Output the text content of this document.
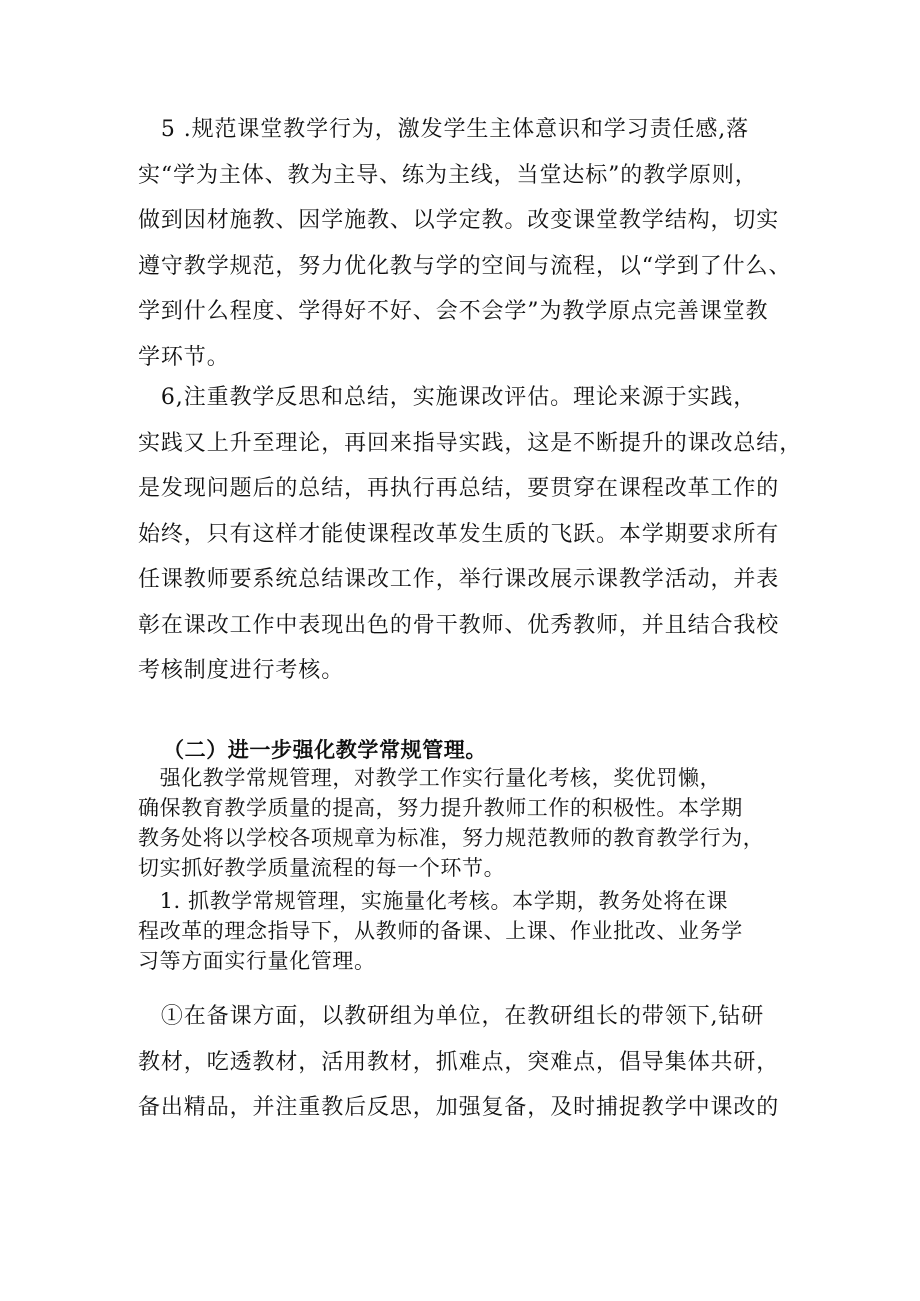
　5 .规范课堂教学行为，激发学生主体意识和学习责任感,落
实“学为主体、教为主导、练为主线，当堂达标”的教学原则，
做到因材施教、因学施教、以学定教。改变课堂教学结构，切实
遵守教学规范，努力优化教与学的空间与流程，以“学到了什么、
学到什么程度、学得好不好、会不会学”为教学原点完善课堂教
学环节。
　6,注重教学反思和总结，实施课改评估。理论来源于实践，
实践又上升至理论，再回来指导实践，这是不断提升的课改总结，
是发现问题后的总结，再执行再总结，要贯穿在课程改革工作的
始终，只有这样才能使课程改革发生质的飞跃。本学期要求所有
任课教师要系统总结课改工作，举行课改展示课教学活动，并表
彰在课改工作中表现出色的骨干教师、优秀教师，并且结合我校
考核制度进行考核。
（二）进一步强化教学常规管理。
　强化教学常规管理，对教学工作实行量化考核，奖优罚懒，
确保教育教学质量的提高，努力提升教师工作的积极性。本学期
教务处将以学校各项规章为标准，努力规范教师的教育教学行为，
切实抓好教学质量流程的每一个环节。
　1. 抓教学常规管理，实施量化考核。本学期，教务处将在课
程改革的理念指导下，从教师的备课、上课、作业批改、业务学
习等方面实行量化管理。
　①在备课方面，以教研组为单位，在教研组长的带领下,钻研
教材，吃透教材，活用教材，抓难点，突难点，倡导集体共研，
备出精品，并注重教后反思，加强复备，及时捕捉教学中课改的
